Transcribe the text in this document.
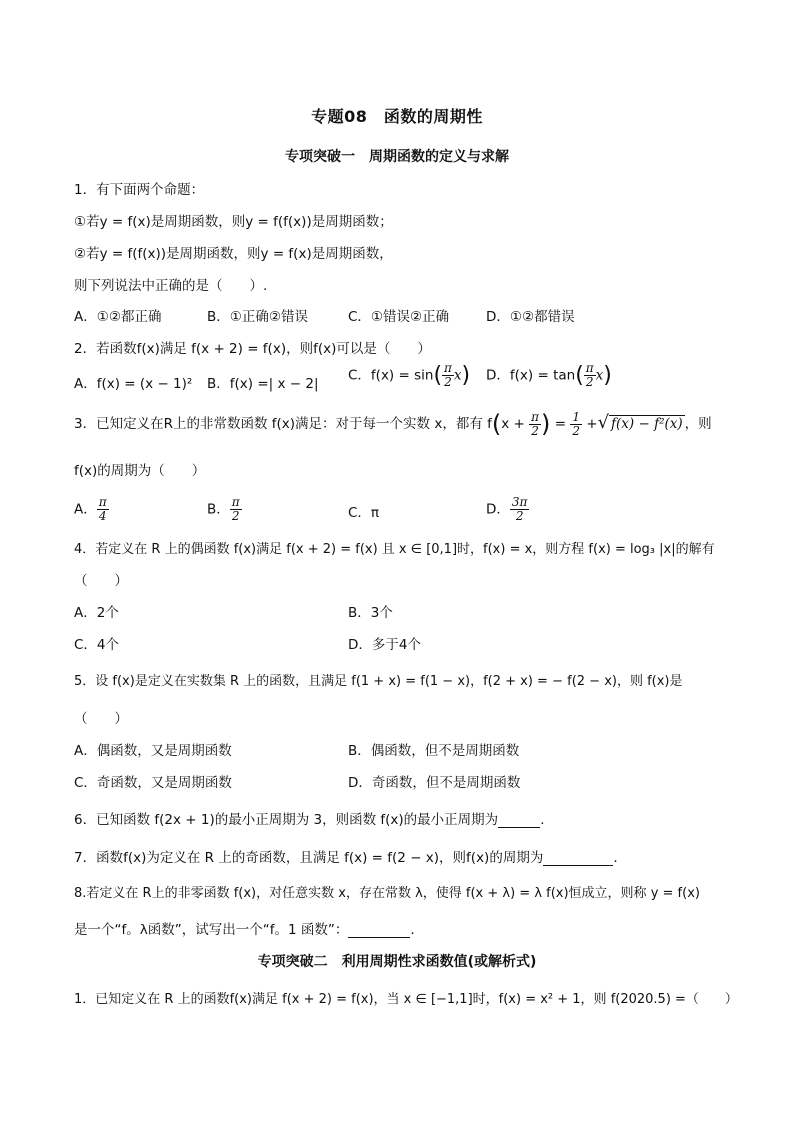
专题08　函数的周期性
专项突破一　周期函数的定义与求解
1．有下面两个命题：
①若y = f(x)是周期函数，则y = f(f(x))是周期函数；
②若y = f(f(x))是周期函数，则y = f(x)是周期函数，
则下列说法中正确的是（　　）.
A．①②都正确	B．①正确②错误	C．①错误②正确	D．①②都错误
2．若函数f(x)满足 f(x + 2) = f(x)，则f(x)可以是（　　）
A．f(x) = (x − 1)² B．f(x) =| x − 2|
C．$f(x) = \sin( \frac{\pi}{2} x)$ D．$f(x) = \tan( \frac{\pi}{2} x)$
3．已知定义在R上的非常数函数 f(x)满足：对于每一个实数 x，都有 $f(x + \frac{\pi}{2}$ ) = $\frac{1}{2}$ +√ f(x) − f²(x) ，则
f(x)的周期为（　　）
A． $\frac{\pi}{4}$	B． $\frac{\pi}{2}$	C．π	D． $\frac{3\pi}{2}$
4．若定义在 R 上的偶函数 f(x)满足 f(x + 2) = f(x) 且 x ∈ [0,1]时，f(x) = x，则方程 f(x) = log₃ |x|的解有
（　　）
A．2个	B．3个
C．4个	D．多于4个
5．设 f(x)是定义在实数集 R 上的函数，且满足 f(1 + x) = f(1 − x)，f(2 + x) = − f(2 − x)，则 f(x)是
（　　）
A．偶函数，又是周期函数	B．偶函数，但不是周期函数
C．奇函数，又是周期函数	D．奇函数，但不是周期函数
6．已知函数 f(2x + 1)的最小正周期为 3，则函数 f(x)的最小正周期为	.
7．函数f(x)为定义在 R 上的奇函数，且满足 f(x) = f(2 − x)，则f(x)的周期为	.
8.若定义在 R上的非零函数 f(x)，对任意实数 x，存在常数 λ，使得 f(x + λ) = λ f(x)恒成立，则称 y = f(x)
是一个“f。λ函数”，试写出一个“f。1 函数”：	.
专项突破二　利用周期性求函数值(或解析式)
1．已知定义在 R 上的函数f(x)满足 f(x + 2) = f(x)，当 x ∈ [−1,1]时，f(x) = x² + 1，则 f(2020.5) =（　　）
